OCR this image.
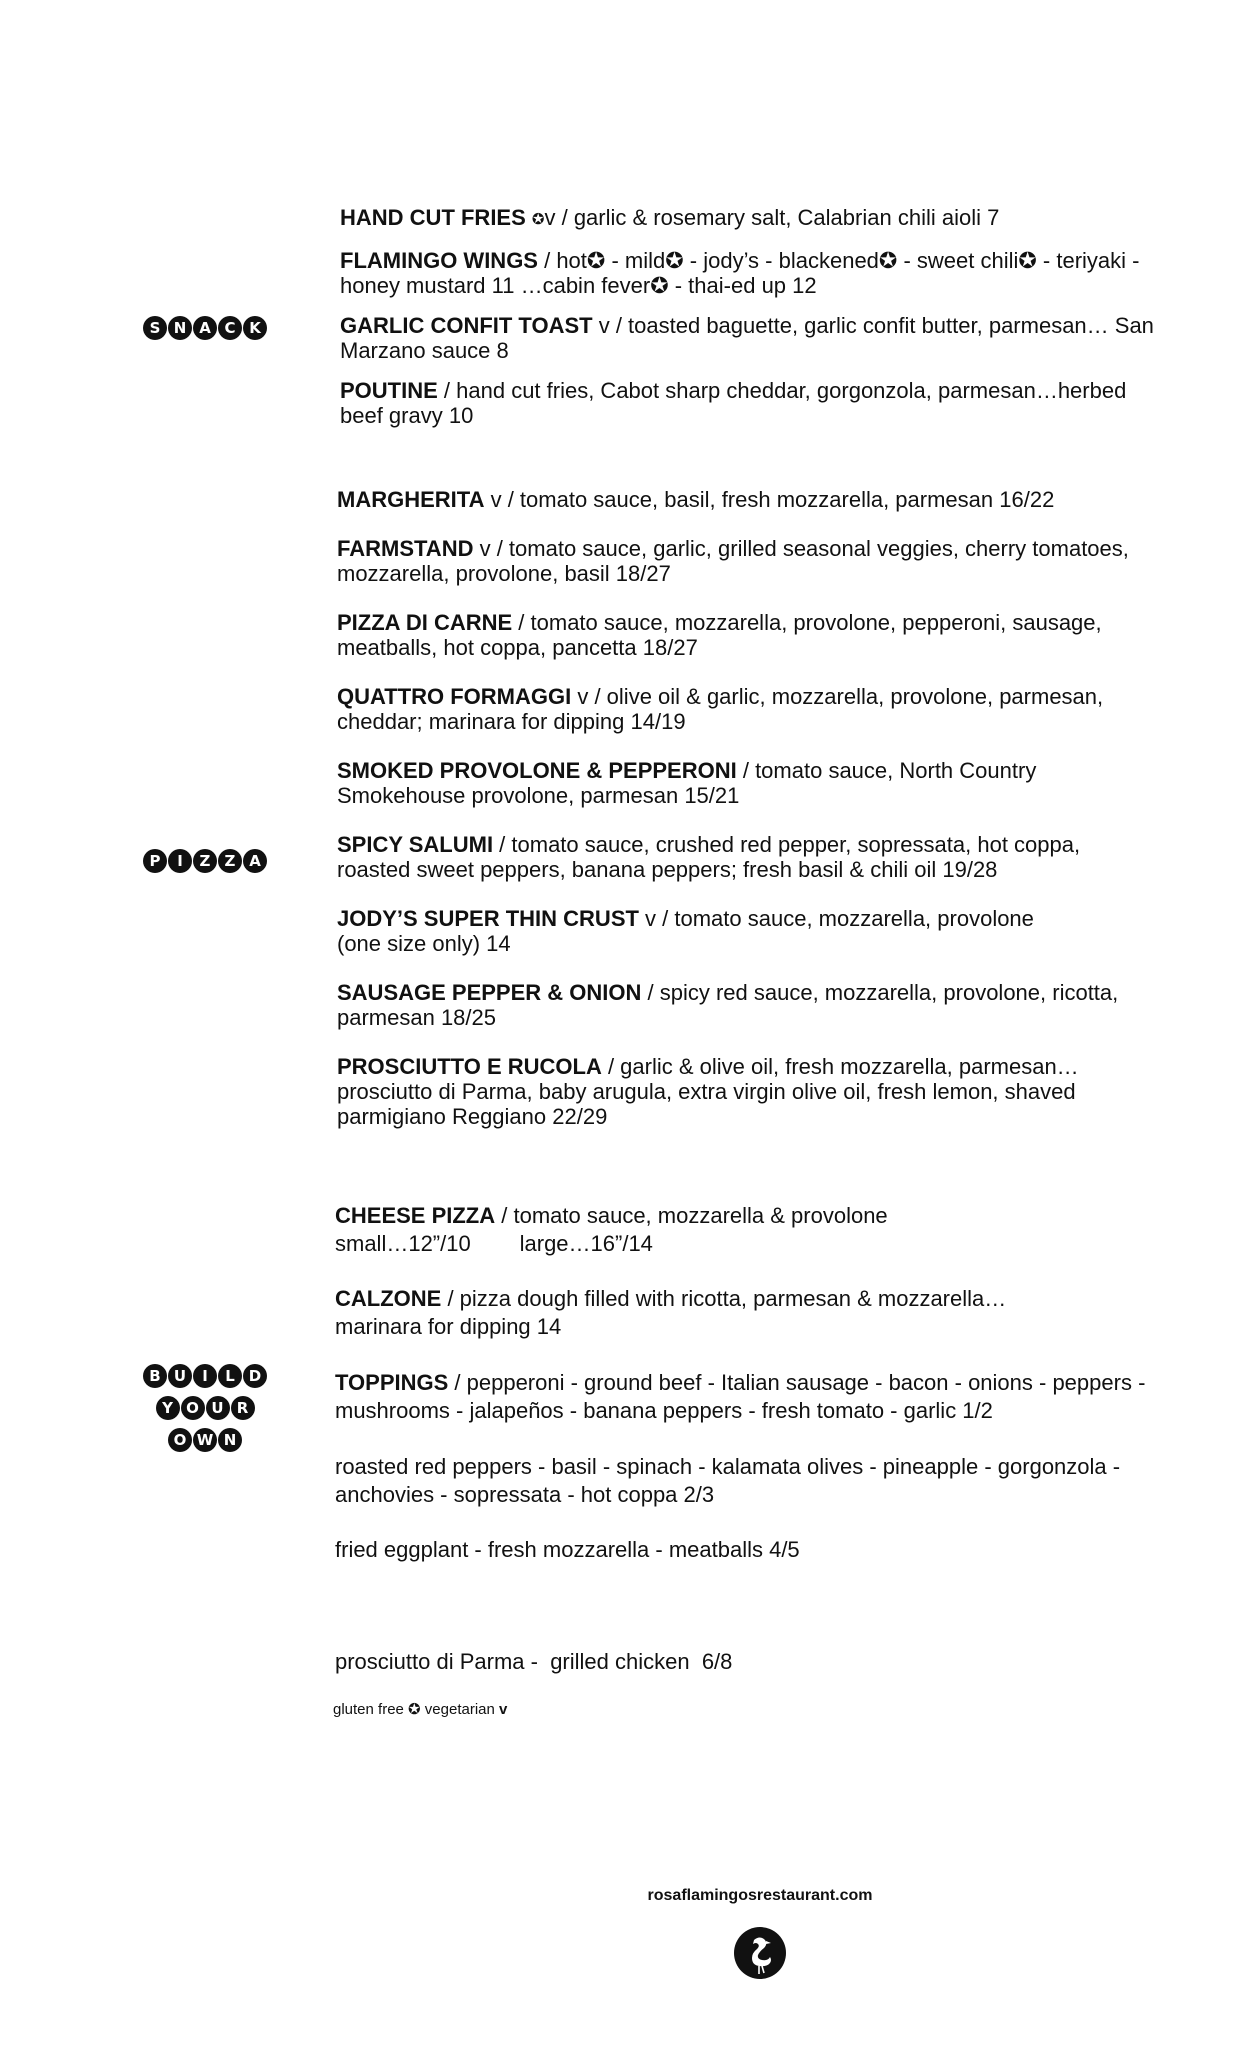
S N A C K

HAND CUT FRIES ✪v / garlic & rosemary salt, Calabrian chili aioli 7

FLAMINGO WINGS / hot✪ - mild✪ - jody’s - blackened✪ - sweet chili✪ - teriyaki -
honey mustard 11 …cabin fever✪ - thai-ed up 12

GARLIC CONFIT TOAST v / toasted baguette, garlic confit butter, parmesan… San
Marzano sauce 8

POUTINE / hand cut fries, Cabot sharp cheddar, gorgonzola, parmesan…herbed
beef gravy 10

P	I	Z Z A

MARGHERITA v / tomato sauce, basil, fresh mozzarella, parmesan 16/22

FARMSTAND v / tomato sauce, garlic, grilled seasonal veggies, cherry tomatoes,
mozzarella, provolone, basil 18/27

PIZZA DI CARNE / tomato sauce, mozzarella, provolone, pepperoni, sausage,
meatballs, hot coppa, pancetta 18/27

QUATTRO FORMAGGI v / olive oil & garlic, mozzarella, provolone, parmesan,
cheddar; marinara for dipping 14/19

SMOKED PROVOLONE & PEPPERONI / tomato sauce, North Country
Smokehouse provolone, parmesan 15/21

SPICY SALUMI / tomato sauce, crushed red pepper, sopressata, hot coppa,
roasted sweet peppers, banana peppers; fresh basil & chili oil 19/28

JODY’S SUPER THIN CRUST v / tomato sauce, mozzarella, provolone
(one size only) 14

SAUSAGE PEPPER & ONION / spicy red sauce, mozzarella, provolone, ricotta,
parmesan 18/25

PROSCIUTTO E RUCOLA / garlic & olive oil, fresh mozzarella, parmesan…
prosciutto di Parma, baby arugula, extra virgin olive oil, fresh lemon, shaved
parmigiano Reggiano 22/29

B U	I	L D
Y O U R
O W N

CHEESE PIZZA / tomato sauce, mozzarella & provolone
small…12”/10        large…16”/14

CALZONE / pizza dough filled with ricotta, parmesan & mozzarella…
marinara for dipping 14

TOPPINGS / pepperoni - ground beef - Italian sausage - bacon - onions - peppers -
mushrooms - jalapeños - banana peppers - fresh tomato - garlic 1/2

roasted red peppers - basil - spinach - kalamata olives - pineapple - gorgonzola -
anchovies - sopressata - hot coppa 2/3

fried eggplant - fresh mozzarella - meatballs 4/5

prosciutto di Parma -  grilled chicken  6/8

gluten free ✪ vegetarian v
rosaflamingosrestaurant.com
